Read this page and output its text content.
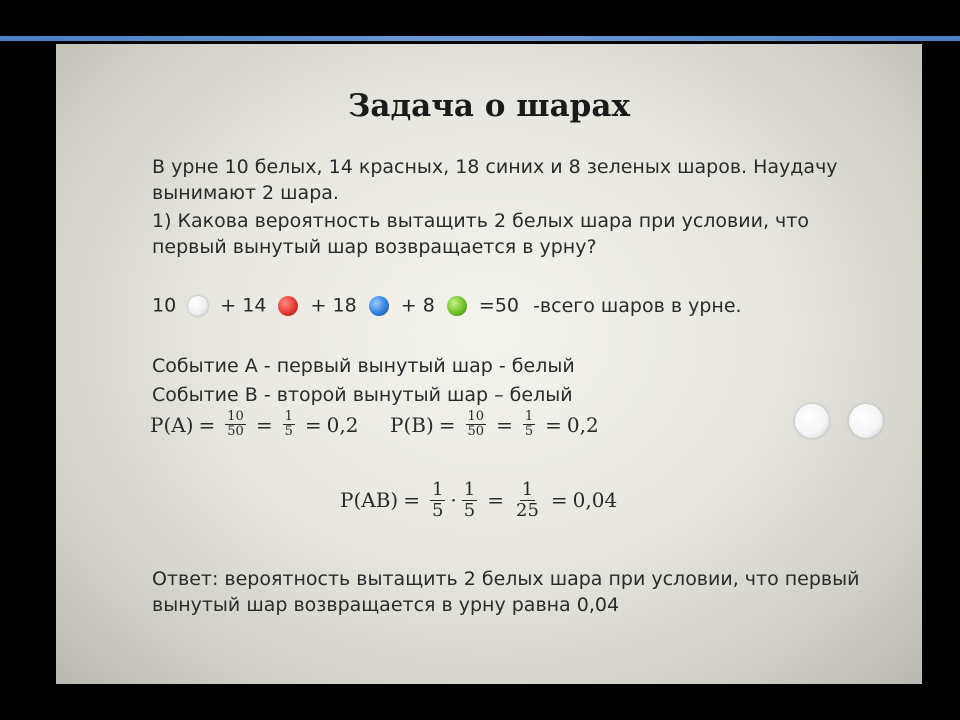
Задача о шарах
В урне 10 белых, 14 красных, 18 синих и 8 зеленых шаров. Наудачу вынимают 2 шара.
1) Какова вероятность вытащить 2 белых шара при условии, что первый вынутый шар возвращается в урну?
10 + 14 + 18 + 8 =50 -всего шаров в урне.
Событие А - первый вынутый шар - белый
Событие В - второй вынутый шар – белый
$P(A) = \frac{10}{50} = \frac{1}{5} = 0,2$ $P(B) = \frac{10}{50} = \frac{1}{5} = 0,2$
$P(AB) = \frac{1}{5} \cdot \frac{1}{5} = \frac{1}{25} = 0,04$
Ответ: вероятность вытащить 2 белых шара при условии, что первый вынутый шар возвращается в урну равна 0,04
